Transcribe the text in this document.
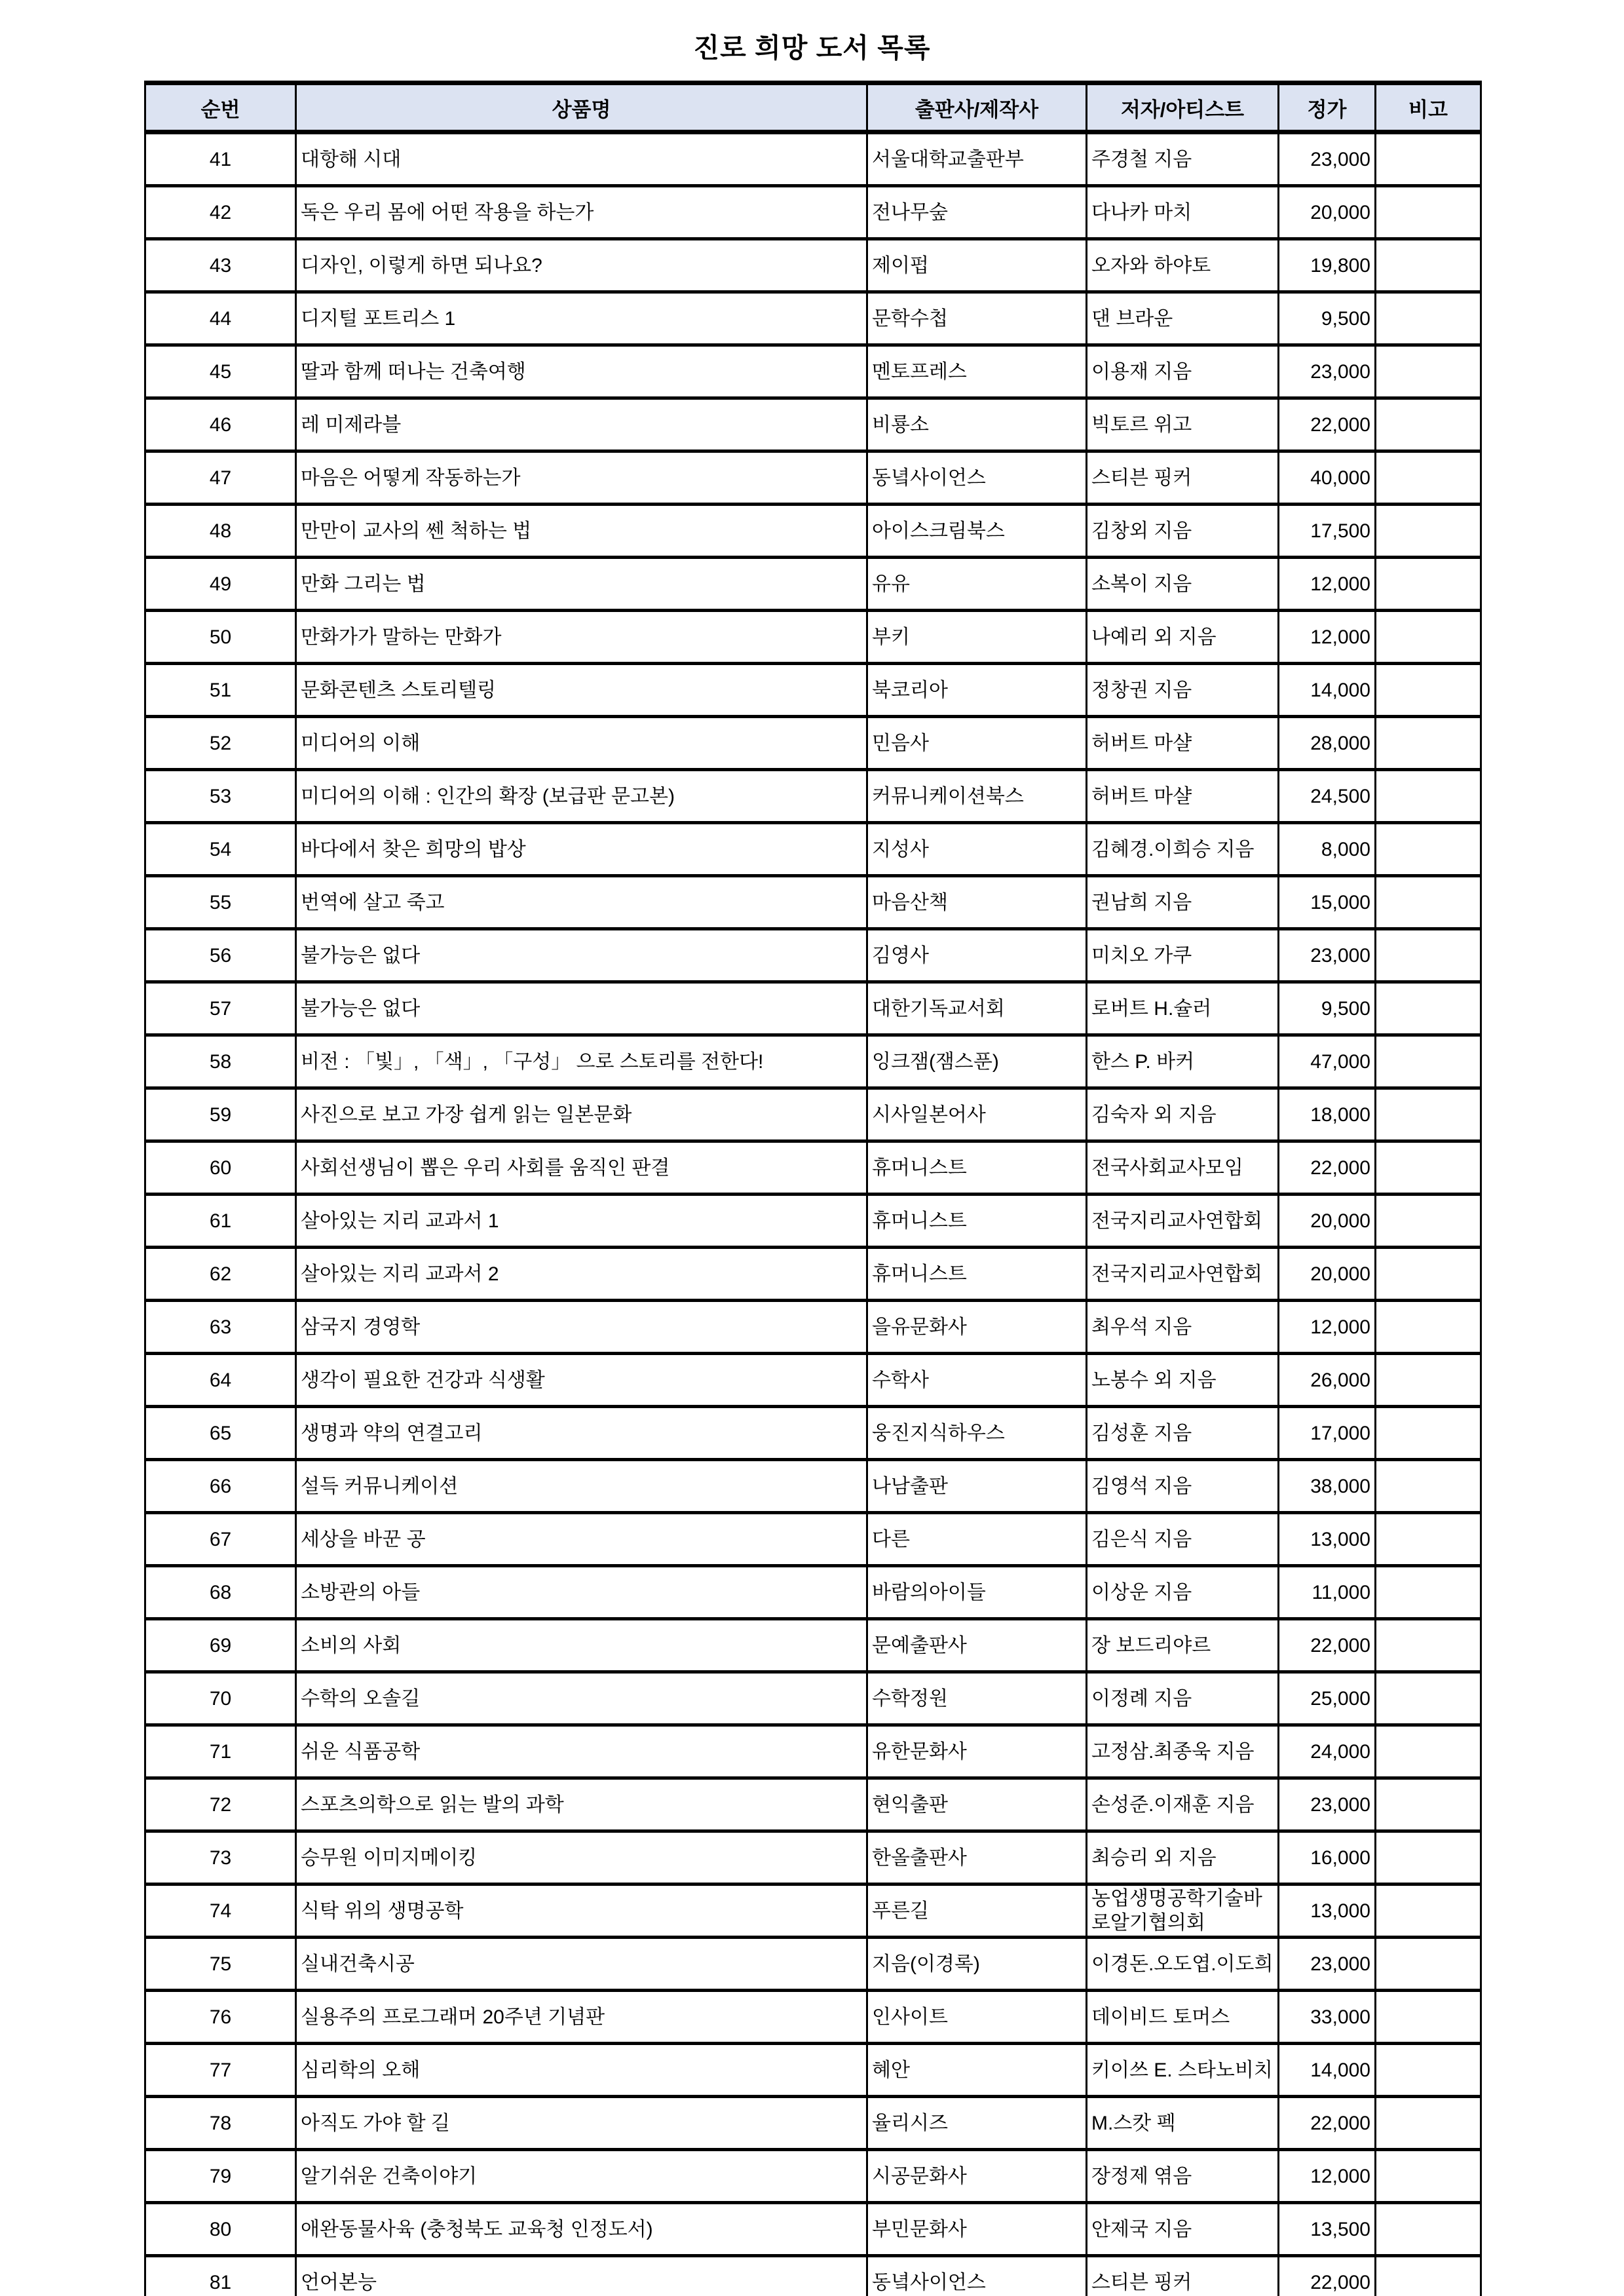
진로 희망 도서 목록
순번	상품명	출판사/제작사	저자/아티스트	정가	비고
41	대항해 시대	서울대학교출판부	주경철 지음	23,000	
42	독은 우리 몸에 어떤 작용을 하는가	전나무숲	다나카 마치	20,000	
43	디자인, 이렇게 하면 되나요?	제이펍	오자와 하야토	19,800	
44	디지털 포트리스 1	문학수첩	댄 브라운	9,500	
45	딸과 함께 떠나는 건축여행	멘토프레스	이용재 지음	23,000	
46	레 미제라블	비룡소	빅토르 위고	22,000	
47	마음은 어떻게 작동하는가	동녘사이언스	스티븐 핑커	40,000	
48	만만이 교사의 쎈 척하는 법	아이스크림북스	김창외 지음	17,500	
49	만화 그리는 법	유유	소복이 지음	12,000	
50	만화가가 말하는 만화가	부키	나예리 외 지음	12,000	
51	문화콘텐츠 스토리텔링	북코리아	정창권 지음	14,000	
52	미디어의 이해	민음사	허버트 마샬	28,000	
53	미디어의 이해 : 인간의 확장 (보급판 문고본)	커뮤니케이션북스	허버트 마샬	24,500	
54	바다에서 찾은 희망의 밥상	지성사	김혜경.이희승 지음	8,000	
55	번역에 살고 죽고	마음산책	권남희 지음	15,000	
56	불가능은 없다	김영사	미치오 가쿠	23,000	
57	불가능은 없다	대한기독교서회	로버트 H.슐러	9,500	
58	비전 : 「빛」, 「색」, 「구성」 으로 스토리를 전한다!	잉크잼(잼스푼)	한스 P. 바커	47,000	
59	사진으로 보고 가장 쉽게 읽는 일본문화	시사일본어사	김숙자 외 지음	18,000	
60	사회선생님이 뽑은 우리 사회를 움직인 판결	휴머니스트	전국사회교사모임	22,000	
61	살아있는 지리 교과서 1	휴머니스트	전국지리교사연합회	20,000	
62	살아있는 지리 교과서 2	휴머니스트	전국지리교사연합회	20,000	
63	삼국지 경영학	을유문화사	최우석 지음	12,000	
64	생각이 필요한 건강과 식생활	수학사	노봉수 외 지음	26,000	
65	생명과 약의 연결고리	웅진지식하우스	김성훈 지음	17,000	
66	설득 커뮤니케이션	나남출판	김영석 지음	38,000	
67	세상을 바꾼 공	다른	김은식 지음	13,000	
68	소방관의 아들	바람의아이들	이상운 지음	11,000	
69	소비의 사회	문예출판사	장 보드리야르	22,000	
70	수학의 오솔길	수학정원	이정례 지음	25,000	
71	쉬운 식품공학	유한문화사	고정삼.최종욱 지음	24,000	
72	스포츠의학으로 읽는 발의 과학	현익출판	손성준.이재훈 지음	23,000	
73	승무원 이미지메이킹	한올출판사	최승리 외 지음	16,000	
74	식탁 위의 생명공학	푸른길	농업생명공학기술바로알기협의회	13,000	
75	실내건축시공	지음(이경록)	이경돈.오도엽.이도희	23,000	
76	실용주의 프로그래머 20주년 기념판	인사이트	데이비드 토머스	33,000	
77	심리학의 오해	혜안	키이쓰 E. 스타노비치	14,000	
78	아직도 가야 할 길	율리시즈	M.스캇 펙	22,000	
79	알기쉬운 건축이야기	시공문화사	장정제 엮음	12,000	
80	애완동물사육 (충청북도 교육청 인정도서)	부민문화사	안제국 지음	13,500	
81	언어본능	동녘사이언스	스티븐 핑커	22,000	
